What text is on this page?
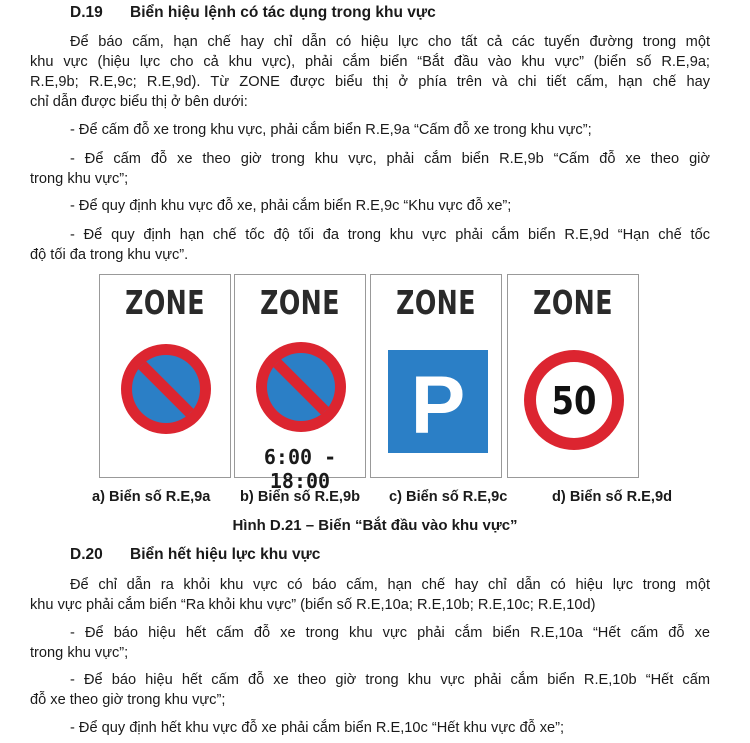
D.19 Biển hiệu lệnh có tác dụng trong khu vực
Để báo cấm, hạn chế hay chỉ dẫn có hiệu lực cho tất cả các tuyến đường trong một
khu vực (hiệu lực cho cả khu vực), phải cắm biển “Bắt đầu vào khu vực” (biển số R.E,9a;
R.E,9b; R.E,9c; R.E,9d). Từ ZONE được biểu thị ở phía trên và chi tiết cấm, hạn chế hay
chỉ dẫn được biểu thị ở bên dưới:
- Để cấm đỗ xe trong khu vực, phải cắm biển R.E,9a “Cấm đỗ xe trong khu vực”;
- Để cấm đỗ xe theo giờ trong khu vực, phải cắm biển R.E,9b “Cấm đỗ xe theo giờ
trong khu vực”;
- Để quy định khu vực đỗ xe, phải cắm biển R.E,9c “Khu vực đỗ xe”;
- Để quy định hạn chế tốc độ tối đa trong khu vực phải cắm biển R.E,9d “Hạn chế tốc
độ tối đa trong khu vực”.
ZONE	ZONE
6:00 - 18:00
ZONE
P
ZONE
50
a) Biển số R.E,9a b) Biển số R.E,9b c) Biển số R.E,9c	d) Biển số R.E,9d
Hình D.21 – Biển “Bắt đầu vào khu vực”
D.20 Biển hết hiệu lực khu vực
Để chỉ dẫn ra khỏi khu vực có báo cấm, hạn chế hay chỉ dẫn có hiệu lực trong một
khu vực phải cắm biển “Ra khỏi khu vực” (biển số R.E,10a; R.E,10b; R.E,10c; R.E,10d)
- Để báo hiệu hết cấm đỗ xe trong khu vực phải cắm biển R.E,10a “Hết cấm đỗ xe
trong khu vực”;
- Để báo hiệu hết cấm đỗ xe theo giờ trong khu vực phải cắm biển R.E,10b “Hết cấm
đỗ xe theo giờ trong khu vực”;
- Để quy định hết khu vực đỗ xe phải cắm biển R.E,10c “Hết khu vực đỗ xe”;
